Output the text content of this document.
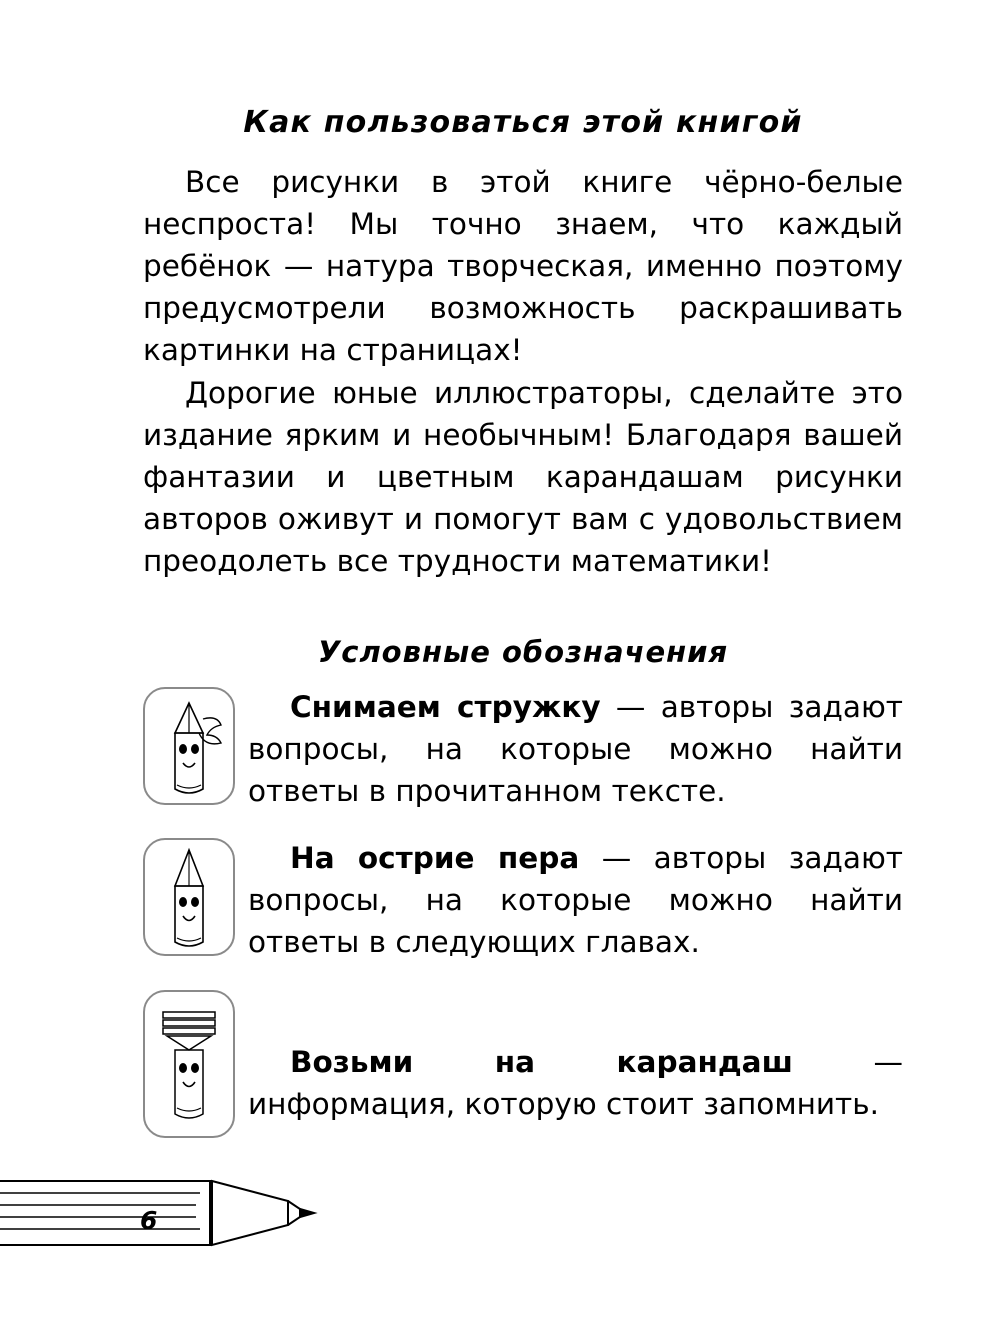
Как пользоваться этой книгой

Все рисунки в этой книге чёрно-белые неспроста! Мы точно знаем, что каждый ребёнок — натура творческая, именно поэтому предусмотрели возможность раскрашивать картинки на страницах!

Дорогие юные иллюстраторы, сделайте это издание ярким и необычным! Благодаря вашей фантазии и цветным карандашам рисунки авторов оживут и помогут вам с удовольствием преодолеть все трудности математики!

Условные обозначения
Снимаем стружку — авторы задают вопросы, на которые можно найти ответы в прочитанном тексте.
На острие пера — авторы задают вопросы, на которые можно найти ответы в следующих главах.
Возьми на карандаш — информация, которую стоит запомнить.
6
